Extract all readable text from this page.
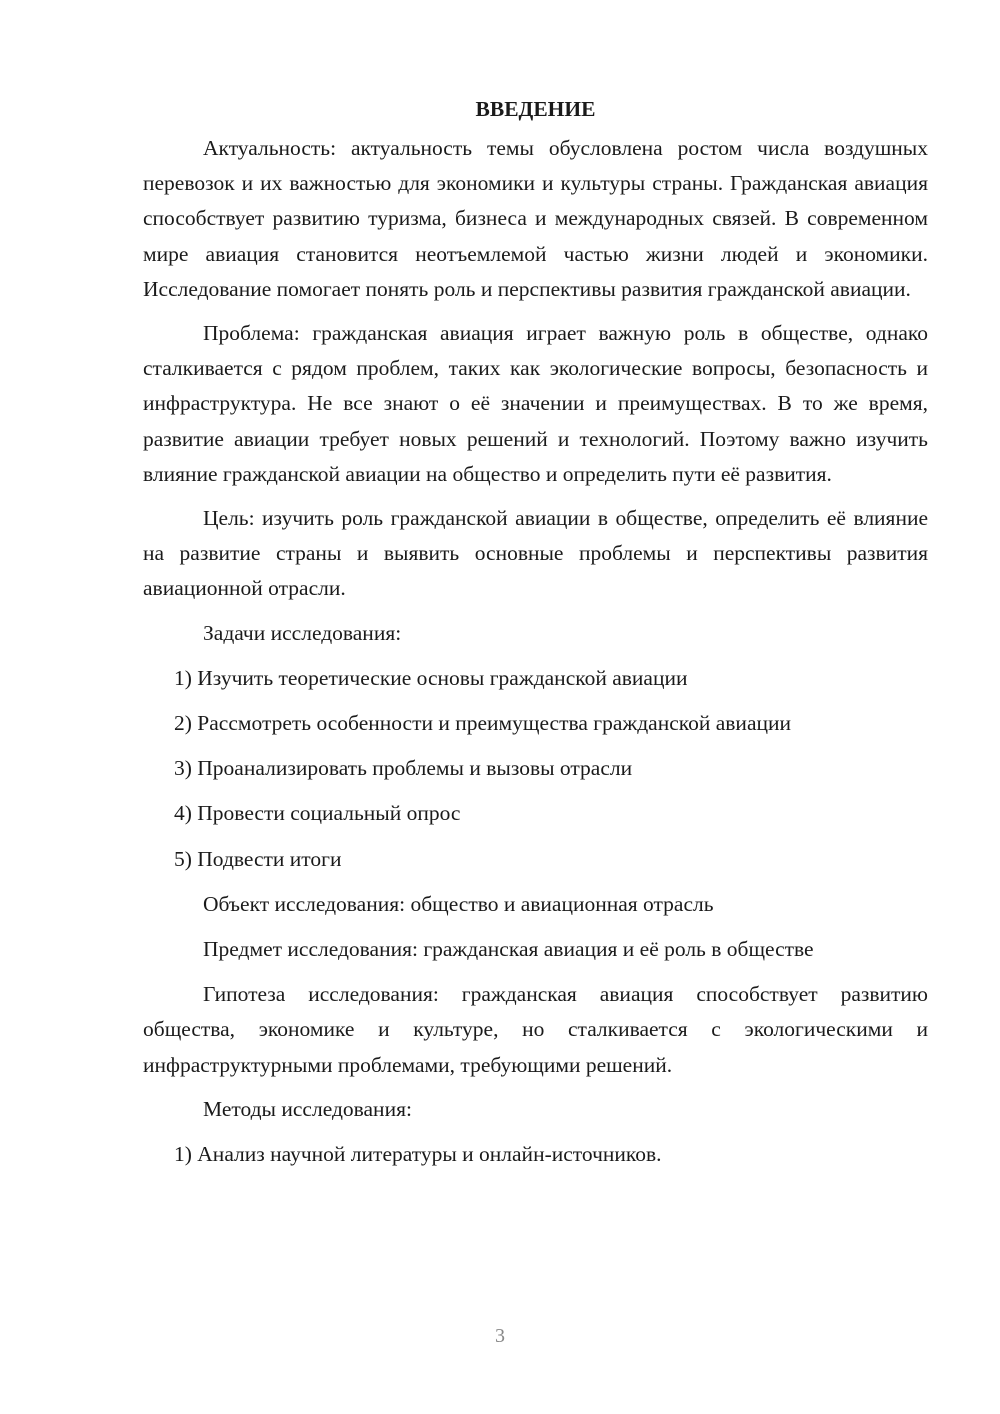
ВВЕДЕНИЕ

Актуальность: актуальность темы обусловлена ростом числа воздушных перевозок и их важностью для экономики и культуры страны. Гражданская авиация способствует развитию туризма, бизнеса и международных связей. В современном мире авиация становится неотъемлемой частью жизни людей и экономики. Исследование помогает понять роль и перспективы развития гражданской авиации.

Проблема: гражданская авиация играет важную роль в обществе, однако сталкивается с рядом проблем, таких как экологические вопросы, безопасность и инфраструктура. Не все знают о её значении и преимуществах. В то же время, развитие авиации требует новых решений и технологий. Поэтому важно изучить влияние гражданской авиации на общество и определить пути её развития.

Цель: изучить роль гражданской авиации в обществе, определить её влияние на развитие страны и выявить основные проблемы и перспективы развития авиационной отрасли.

Задачи исследования:

1) Изучить теоретические основы гражданской авиации
2) Рассмотреть особенности и преимущества гражданской авиации
3) Проанализировать проблемы и вызовы отрасли
4) Провести социальный опрос
5) Подвести итоги

Объект исследования: общество и авиационная отрасль

Предмет исследования: гражданская авиация и её роль в обществе

Гипотеза исследования: гражданская авиация способствует развитию общества, экономике и культуре, но сталкивается с экологическими и инфраструктурными проблемами, требующими решений.

Методы исследования:

1) Анализ научной литературы и онлайн-источников.
3
